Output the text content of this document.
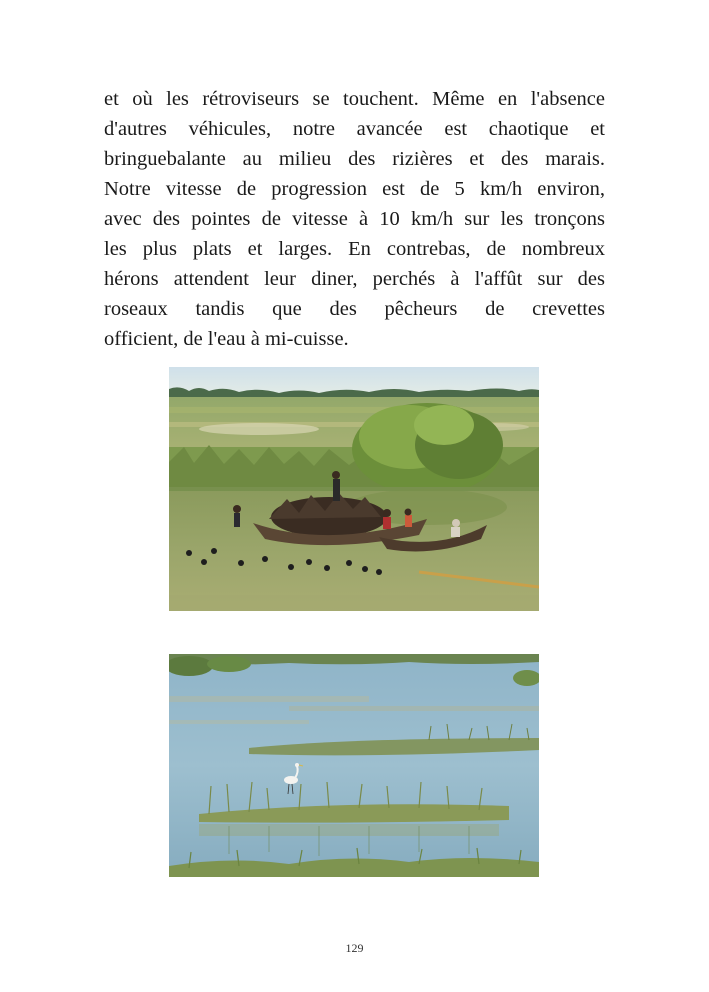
et où les rétroviseurs se touchent. Même en l'absence
d'autres véhicules, notre avancée est chaotique et
bringuebalante au milieu des rizières et des marais.
Notre vitesse de progression est de 5 km/h environ,
avec des pointes de vitesse à 10 km/h sur les tronçons
les plus plats et larges. En contrebas, de nombreux
hérons attendent leur diner, perchés à l'affût sur des
roseaux tandis que des pêcheurs de crevettes
officient, de l'eau à mi-cuisse.
129
